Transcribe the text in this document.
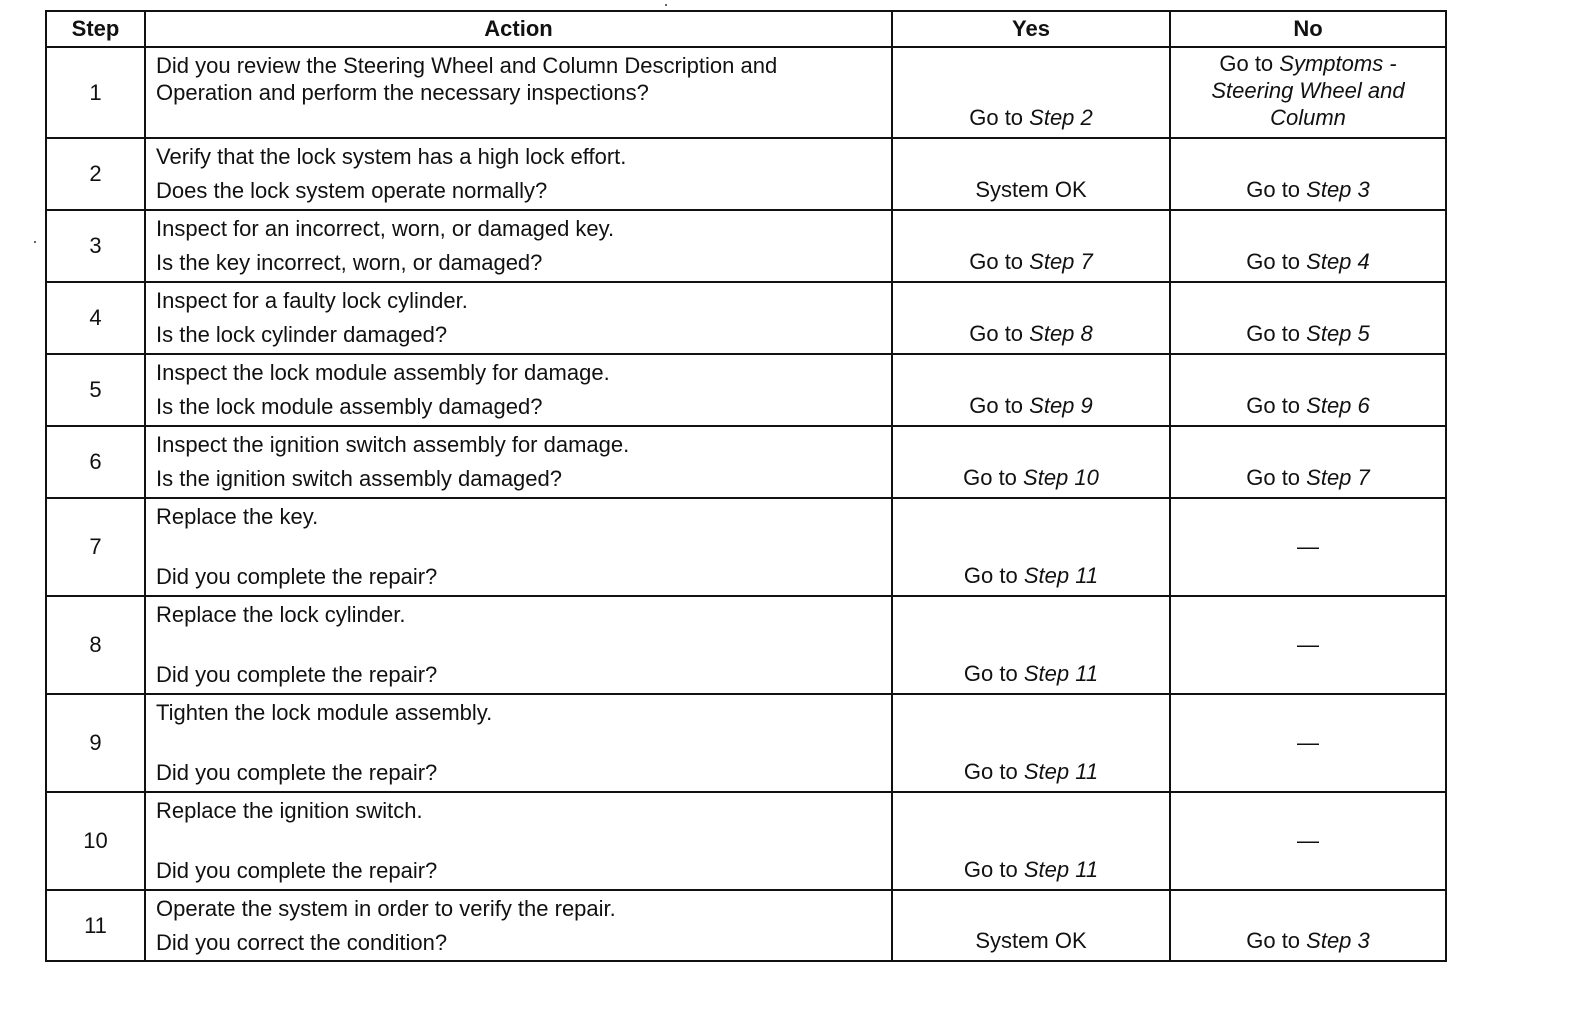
Step	Action	Yes	No
1	Did you review the Steering Wheel and Column Description and
Operation and perform the necessary inspections?	Go to Step 2	Go to Symptoms - Steering Wheel and Column
2	Verify that the lock system has a high lock effort.
Does the lock system operate normally?	System OK	Go to Step 3
3	Inspect for an incorrect, worn, or damaged key.
Is the key incorrect, worn, or damaged?	Go to Step 7	Go to Step 4
4	Inspect for a faulty lock cylinder.
Is the lock cylinder damaged?	Go to Step 8	Go to Step 5
5	Inspect the lock module assembly for damage.
Is the lock module assembly damaged?	Go to Step 9	Go to Step 6
6	Inspect the ignition switch assembly for damage.
Is the ignition switch assembly damaged?	Go to Step 10	Go to Step 7
7	Replace the key.
Did you complete the repair?	Go to Step 11	—
8	Replace the lock cylinder.
Did you complete the repair?	Go to Step 11	—
9	Tighten the lock module assembly.
Did you complete the repair?	Go to Step 11	—
10	Replace the ignition switch.
Did you complete the repair?	Go to Step 11	—
11	Operate the system in order to verify the repair.
Did you correct the condition?	System OK	Go to Step 3
